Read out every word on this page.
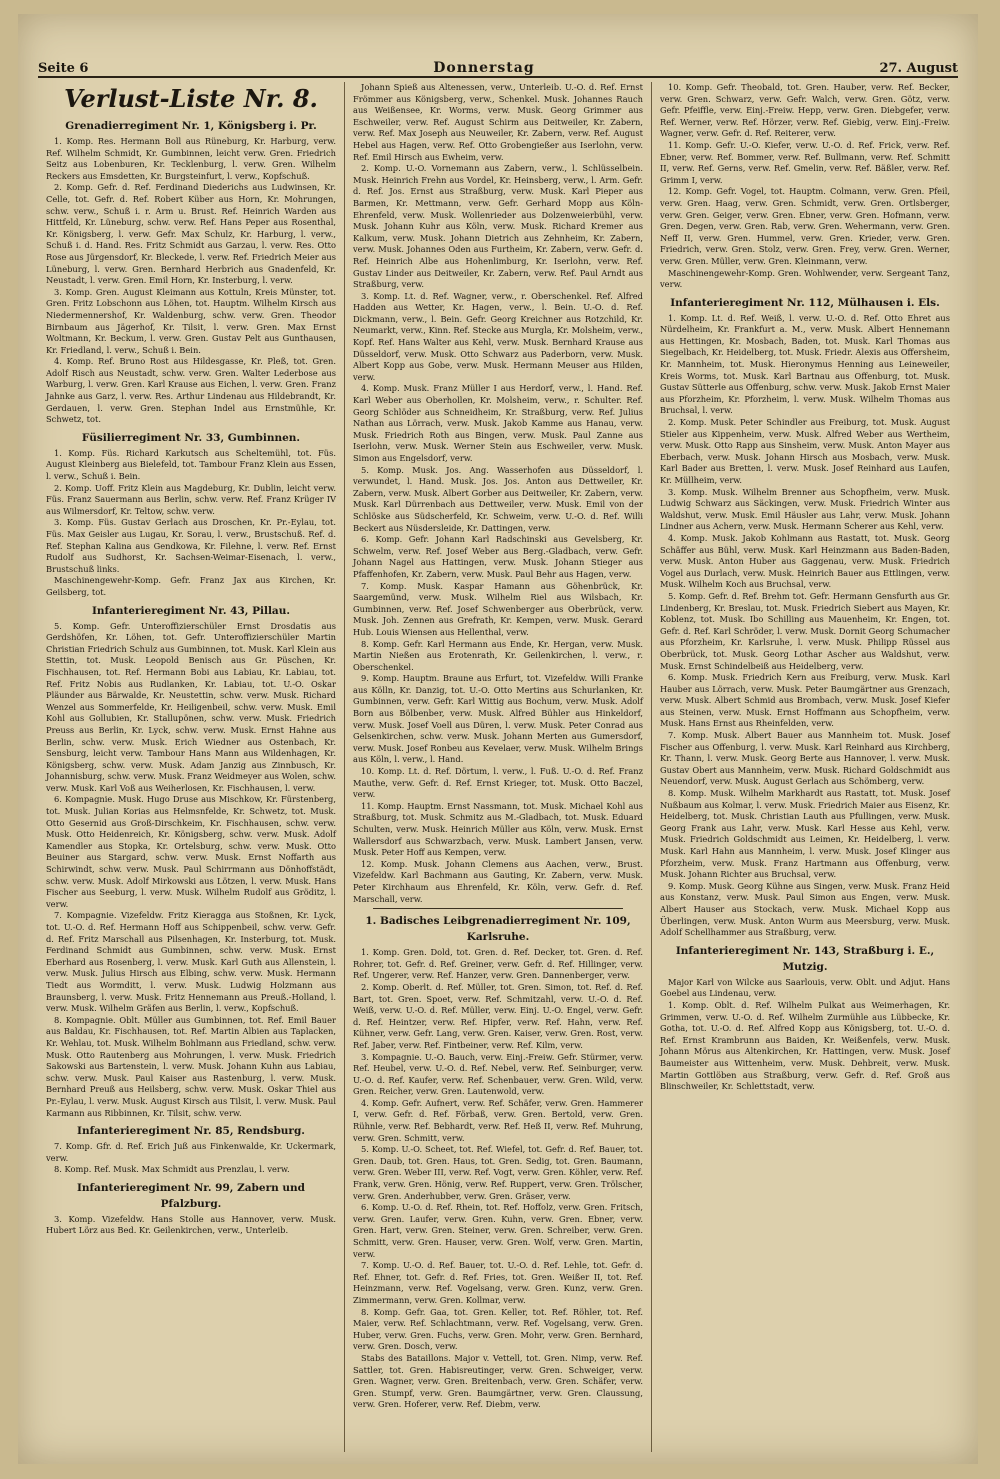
Seite 6	Donnerstag	27. August
Verlust-Liste Nr. 8.
Grenadierregiment Nr. 1, Königsberg i. Pr.

1. Komp. Res. Hermann Boll aus Rüneburg, Kr. Harburg, verw. Ref. Wilhelm Schmidt, Kr. Gumbinnen, leicht verw. Gren. Friedrich Seitz aus Lobenburen, Kr. Tecklenburg, l. verw. Gren. Wilhelm Reckers aus Emsdetten, Kr. Burgsteinfurt, l. verw., Kopfschuß.

2. Komp. Gefr. d. Ref. Ferdinand Diederichs aus Ludwinsen, Kr. Celle, tot. Gefr. d. Ref. Robert Küber aus Horn, Kr. Mohrungen, schw. verw., Schuß i. r. Arm u. Brust. Ref. Heinrich Warden aus Hittfeld, Kr. Lüneburg, schw. verw. Ref. Hans Peper aus Rosenthal, Kr. Königsberg, l. verw. Gefr. Max Schulz, Kr. Harburg, l. verw., Schuß i. d. Hand. Res. Fritz Schmidt aus Garzau, l. verw. Res. Otto Rose aus Jürgensdorf, Kr. Bleckede, l. verw. Ref. Friedrich Meier aus Lüneburg, l. verw. Gren. Bernhard Herbrich aus Gnadenfeld, Kr. Neustadt, l. verw. Gren. Emil Horn, Kr. Insterburg, l. verw.

3. Komp. Gren. August Kleimann aus Kottuln, Kreis Münster, tot. Gren. Fritz Lobschonn aus Löhen, tot. Hauptm. Wilhelm Kirsch aus Niedermennershof, Kr. Waldenburg, schw. verw. Gren. Theodor Birnbaum aus Jägerhof, Kr. Tilsit, l. verw. Gren. Max Ernst Woltmann, Kr. Beckum, l. verw. Gren. Gustav Pelt aus Gunthausen, Kr. Friedland, l. verw., Schuß i. Bein.

4. Komp. Ref. Bruno Rost aus Hildesgasse, Kr. Pleß, tot. Gren. Adolf Risch aus Neustadt, schw. verw. Gren. Walter Lederbose aus Warburg, l. verw. Gren. Karl Krause aus Eichen, l. verw. Gren. Franz Jahnke aus Garz, l. verw. Res. Arthur Lindenau aus Hildebrandt, Kr. Gerdauen, l. verw. Gren. Stephan Indel aus Ernstmühle, Kr. Schwetz, tot.

Füsilierregiment Nr. 33, Gumbinnen.

1. Komp. Füs. Richard Karkutsch aus Scheltemühl, tot. Füs. August Kleinberg aus Bielefeld, tot. Tambour Franz Klein aus Essen, l. verw., Schuß i. Bein.

2. Komp. Uoff. Fritz Klein aus Magdeburg, Kr. Dublin, leicht verw. Füs. Franz Sauermann aus Berlin, schw. verw. Ref. Franz Krüger IV aus Wilmersdorf, Kr. Teltow, schw. verw.

3. Komp. Füs. Gustav Gerlach aus Droschen, Kr. Pr.-Eylau, tot. Füs. Max Geisler aus Lugau, Kr. Sorau, l. verw., Brustschuß. Ref. d. Ref. Stephan Kalina aus Gendkowa, Kr. Filehne, l. verw. Ref. Ernst Rudolf aus Sudhorst, Kr. Sachsen-Weimar-Eisenach, l. verw., Brustschuß links.

Maschinengewehr-Komp. Gefr. Franz Jax aus Kirchen, Kr. Geilsberg, tot.

Infanterieregiment Nr. 43, Pillau.

5. Komp. Gefr. Unteroffizierschüler Ernst Drosdatis aus Gerdshöfen, Kr. Löhen, tot. Gefr. Unteroffizierschüler Martin Christian Friedrich Schulz aus Gumbinnen, tot. Musk. Karl Klein aus Stettin, tot. Musk. Leopold Benisch aus Gr. Püschen, Kr. Fischhausen, tot. Ref. Hermann Bobi aus Labiau, Kr. Labiau, tot. Ref. Fritz Nobis aus Rudlanken, Kr. Labiau, tot. U.-O. Oskar Pläunder aus Bärwalde, Kr. Neustettin, schw. verw. Musk. Richard Wenzel aus Sommerfelde, Kr. Heiligenbeil, schw. verw. Musk. Emil Kohl aus Gollubien, Kr. Stallupönen, schw. verw. Musk. Friedrich Preuss aus Berlin, Kr. Lyck, schw. verw. Musk. Ernst Hahne aus Berlin, schw. verw. Musk. Erich Wiedner aus Ostenbach, Kr. Sensburg, leicht verw. Tambour Hans Mann aus Wildenhagen, Kr. Königsberg, schw. verw. Musk. Adam Janzig aus Zinnbusch, Kr. Johannisburg, schw. verw. Musk. Franz Weidmeyer aus Wolen, schw. verw. Musk. Karl Voß aus Weiherlosen, Kr. Fischhausen, l. verw.

6. Kompagnie. Musk. Hugo Druse aus Mischkow, Kr. Fürstenberg, tot. Musk. Julian Korias aus Helmsnfelde, Kr. Schwetz, tot. Musk. Otto Gesernid aus Groß-Dirschkeim, Kr. Fischhausen, schw. verw. Musk. Otto Heidenreich, Kr. Königsberg, schw. verw. Musk. Adolf Kamendler aus Stopka, Kr. Ortelsburg, schw. verw. Musk. Otto Beuiner aus Stargard, schw. verw. Musk. Ernst Noffarth aus Schirwindt, schw. verw. Musk. Paul Schirrmann aus Dönhoffstädt, schw. verw. Musk. Adolf Mirkowski aus Lötzen, l. verw. Musk. Hans Fischer aus Seeburg, l. verw. Musk. Wilhelm Rudolf aus Gröditz, l. verw.

7. Kompagnie. Vizefeldw. Fritz Kieragga aus Stoßnen, Kr. Lyck, tot. U.-O. d. Ref. Hermann Hoff aus Schippenbeil, schw. verw. Gefr. d. Ref. Fritz Marschall aus Pilsenhagen, Kr. Insterburg, tot. Musk. Ferdinand Schmidt aus Gumbinnen, schw. verw. Musk. Ernst Eberhard aus Rosenberg, l. verw. Musk. Karl Guth aus Allenstein, l. verw. Musk. Julius Hirsch aus Elbing, schw. verw. Musk. Hermann Tiedt aus Wormditt, l. verw. Musk. Ludwig Holzmann aus Braunsberg, l. verw. Musk. Fritz Hennemann aus Preuß.-Holland, l. verw. Musk. Wilhelm Gräfen aus Berlin, l. verw., Kopfschuß.

8. Kompagnie. Oblt. Müller aus Gumbinnen, tot. Ref. Emil Bauer aus Baldau, Kr. Fischhausen, tot. Ref. Martin Albien aus Taplacken, Kr. Wehlau, tot. Musk. Wilhelm Bohlmann aus Friedland, schw. verw. Musk. Otto Rautenberg aus Mohrungen, l. verw. Musk. Friedrich Sakowski aus Bartenstein, l. verw. Musk. Johann Kuhn aus Labiau, schw. verw. Musk. Paul Kaiser aus Rastenburg, l. verw. Musk. Bernhard Preuß aus Heilsberg, schw. verw. Musk. Oskar Thiel aus Pr.-Eylau, l. verw. Musk. August Kirsch aus Tilsit, l. verw. Musk. Paul Karmann aus Ribbinnen, Kr. Tilsit, schw. verw.

Infanterieregiment Nr. 85, Rendsburg.

7. Komp. Gfr. d. Ref. Erich Juß aus Finkenwalde, Kr. Uckermark, verw.

8. Komp. Ref. Musk. Max Schmidt aus Prenzlau, l. verw.

Infanterieregiment Nr. 99, Zabern und Pfalzburg.

3. Komp. Vizefeldw. Hans Stolle aus Hannover, verw. Musk. Hubert Lörz aus Bed. Kr. Geilenkirchen, verw., Unterleib.

Johann Spieß aus Altenessen, verw., Unterleib. U.-O. d. Ref. Ernst Frömmer aus Königsberg, verw., Schenkel. Musk. Johannes Rauch aus Weißensee, Kr. Worms, verw. Musk. Georg Grimmer aus Eschweiler, verw. Ref. August Schirm aus Deitweiler, Kr. Zabern, verw. Ref. Max Joseph aus Neuweiler, Kr. Zabern, verw. Ref. August Hebel aus Hagen, verw. Ref. Otto Grobengießer aus Iserlohn, verw. Ref. Emil Hirsch aus Ewheim, verw.

2. Komp. U.-O. Vornemann aus Zabern, verw., l. Schlüsselbein. Musk. Heinrich Frehn aus Vordel, Kr. Heinsberg, verw., l. Arm. Gefr. d. Ref. Jos. Ernst aus Straßburg, verw. Musk. Karl Pieper aus Barmen, Kr. Mettmann, verw. Gefr. Gerhard Mopp aus Köln-Ehrenfeld, verw. Musk. Wollenrieder aus Dolzenweierbühl, verw. Musk. Johann Kuhr aus Köln, verw. Musk. Richard Kremer aus Kalkum, verw. Musk. Johann Dietrich aus Zehnheim, Kr. Zabern, verw. Musk. Johannes Oden aus Furtheim, Kr. Zabern, verw. Gefr. d. Ref. Heinrich Albe aus Hohenlimburg, Kr. Iserlohn, verw. Ref. Gustav Linder aus Deitweiler, Kr. Zabern, verw. Ref. Paul Arndt aus Straßburg, verw.

3. Komp. Lt. d. Ref. Wagner, verw., r. Oberschenkel. Ref. Alfred Hadden aus Wetter, Kr. Hagen, verw., l. Bein. U.-O. d. Ref. Dickmann, verw., l. Bein. Gefr. Georg Kreichner aus Rotzchild, Kr. Neumarkt, verw., Kinn. Ref. Stecke aus Murgla, Kr. Molsheim, verw., Kopf. Ref. Hans Walter aus Kehl, verw. Musk. Bernhard Krause aus Düsseldorf, verw. Musk. Otto Schwarz aus Paderborn, verw. Musk. Albert Kopp aus Gobe, verw. Musk. Hermann Meuser aus Hilden, verw.

4. Komp. Musk. Franz Müller I aus Herdorf, verw., l. Hand. Ref. Karl Weber aus Oberhollen, Kr. Molsheim, verw., r. Schulter. Ref. Georg Schlöder aus Schneidheim, Kr. Straßburg, verw. Ref. Julius Nathan aus Lörrach, verw. Musk. Jakob Kamme aus Hanau, verw. Musk. Friedrich Roth aus Bingen, verw. Musk. Paul Zanne aus Iserlohn, verw. Musk. Werner Stein aus Eschweiler, verw. Musk. Simon aus Engelsdorf, verw.

5. Komp. Musk. Jos. Ang. Wasserhofen aus Düsseldorf, l. verwundet, l. Hand. Musk. Jos. Jos. Anton aus Dettweiler, Kr. Zabern, verw. Musk. Albert Gorber aus Deitweiler, Kr. Zabern, verw. Musk. Karl Dürrenbach aus Dettweiler, verw. Musk. Emil von der Schlöske aus Südscherfeld, Kr. Schweim, verw. U.-O. d. Ref. Willi Beckert aus Nüsdersleide, Kr. Dattingen, verw.

6. Komp. Gefr. Johann Karl Radschinski aus Gevelsberg, Kr. Schwelm, verw. Ref. Josef Weber aus Berg.-Gladbach, verw. Gefr. Johann Nagel aus Hattingen, verw. Musk. Johann Stieger aus Pfaffenhofen, Kr. Zabern, verw. Musk. Paul Behr aus Hagen, verw.

7. Komp. Musk. Kaspar Hamann aus Göhenbrück, Kr. Saargemünd, verw. Musk. Wilhelm Riel aus Wilsbach, Kr. Gumbinnen, verw. Ref. Josef Schwenberger aus Oberbrück, verw. Musk. Joh. Zennen aus Grefrath, Kr. Kempen, verw. Musk. Gerard Hub. Louis Wiensen aus Hellenthal, verw.

8. Komp. Gefr. Karl Hermann aus Ende, Kr. Hergan, verw. Musk. Martin Nießen aus Erotenrath, Kr. Geilenkirchen, l. verw., r. Oberschenkel.

9. Komp. Hauptm. Braune aus Erfurt, tot. Vizefeldw. Willi Franke aus Kölln, Kr. Danzig, tot. U.-O. Otto Mertins aus Schurlanken, Kr. Gumbinnen, verw. Gefr. Karl Wittig aus Bochum, verw. Musk. Adolf Born aus Bölbenber, verw. Musk. Alfred Bühler aus Hinkeldorf, verw. Musk. Josef Voell aus Düren, l. verw. Musk. Peter Conrad aus Gelsenkirchen, schw. verw. Musk. Johann Merten aus Gumersdorf, verw. Musk. Josef Ronbeu aus Kevelaer, verw. Musk. Wilhelm Brings aus Köln, l. verw., l. Hand.

10. Komp. Lt. d. Ref. Dörtum, l. verw., l. Fuß. U.-O. d. Ref. Franz Mauthe, verw. Gefr. d. Ref. Ernst Krieger, tot. Musk. Otto Baczel, verw.

11. Komp. Hauptm. Ernst Nassmann, tot. Musk. Michael Kohl aus Straßburg, tot. Musk. Schmitz aus M.-Gladbach, tot. Musk. Eduard Schulten, verw. Musk. Heinrich Müller aus Köln, verw. Musk. Ernst Wallersdorf aus Schwarzbach, verw. Musk. Lambert Jansen, verw. Musk. Peter Hoff aus Kempen, verw.

12. Komp. Musk. Johann Clemens aus Aachen, verw., Brust. Vizefeldw. Karl Bachmann aus Gauting, Kr. Zabern, verw. Musk. Peter Kirchhaum aus Ehrenfeld, Kr. Köln, verw. Gefr. d. Ref. Marschall, verw.

1. Badisches Leibgrenadierregiment Nr. 109, Karlsruhe.

1. Komp. Gren. Dold, tot. Gren. d. Ref. Decker, tot. Gren. d. Ref. Rohrer, tot. Gefr. d. Ref. Greiner, verw. Gefr. d. Ref. Hillinger, verw. Ref. Ungerer, verw. Ref. Hanzer, verw. Gren. Dannenberger, verw.

2. Komp. Oberlt. d. Ref. Müller, tot. Gren. Simon, tot. Ref. d. Ref. Bart, tot. Gren. Spoet, verw. Ref. Schmitzahl, verw. U.-O. d. Ref. Weiß, verw. U.-O. d. Ref. Müller, verw. Einj. U.-O. Engel, verw. Gefr. d. Ref. Heintzer, verw. Ref. Hipfer, verw. Ref. Hahn, verw. Ref. Kühner, verw. Gefr. Lang, verw. Gren. Kaiser, verw. Gren. Rost, verw. Ref. Jaber, verw. Ref. Fintbeiner, verw. Ref. Kilm, verw.

3. Kompagnie. U.-O. Bauch, verw. Einj.-Freiw. Gefr. Stürmer, verw. Ref. Heubel, verw. U.-O. d. Ref. Nebel, verw. Ref. Seinburger, verw. U.-O. d. Ref. Kaufer, verw. Ref. Schenbauer, verw. Gren. Wild, verw. Gren. Reicher, verw. Gren. Lautenwold, verw.

4. Komp. Gefr. Aufnert, verw. Ref. Schäfer, verw. Gren. Hammerer I, verw. Gefr. d. Ref. Förbaß, verw. Gren. Bertold, verw. Gren. Rühnle, verw. Ref. Bebhardt, verw. Ref. Heß II, verw. Ref. Muhrung, verw. Gren. Schmitt, verw.

5. Komp. U.-O. Scheet, tot. Ref. Wiefel, tot. Gefr. d. Ref. Bauer, tot. Gren. Daub, tot. Gren. Haus, tot. Gren. Sedig, tot. Gren. Baumann, verw. Gren. Weber III, verw. Ref. Vogt, verw. Gren. Köhler, verw. Ref. Frank, verw. Gren. Hönig, verw. Ref. Ruppert, verw. Gren. Trölscher, verw. Gren. Anderhubber, verw. Gren. Gräser, verw.

6. Komp. U.-O. d. Ref. Rhein, tot. Ref. Hoffolz, verw. Gren. Fritsch, verw. Gren. Laufer, verw. Gren. Kuhn, verw. Gren. Ebner, verw. Gren. Hart, verw. Gren. Steiner, verw. Gren. Schreiber, verw. Gren. Schmitt, verw. Gren. Hauser, verw. Gren. Wolf, verw. Gren. Martin, verw.

7. Komp. U.-O. d. Ref. Bauer, tot. U.-O. d. Ref. Lehle, tot. Gefr. d. Ref. Ehner, tot. Gefr. d. Ref. Fries, tot. Gren. Weißer II, tot. Ref. Heinzmann, verw. Ref. Vogelsang, verw. Gren. Kunz, verw. Gren. Zimmermann, verw. Gren. Kollmar, verw.

8. Komp. Gefr. Gaa, tot. Gren. Keller, tot. Ref. Röhler, tot. Ref. Maier, verw. Ref. Schlachtmann, verw. Ref. Vogelsang, verw. Gren. Huber, verw. Gren. Fuchs, verw. Gren. Mohr, verw. Gren. Bernhard, verw. Gren. Dosch, verw.

Stabs des Bataillons. Major v. Vettell, tot. Gren. Nimp, verw. Ref. Sattler, tot. Gren. Habisreutinger, verw. Gren. Schweiger, verw. Gren. Wagner, verw. Gren. Breitenbach, verw. Gren. Schäfer, verw. Gren. Stumpf, verw. Gren. Baumgärtner, verw. Gren. Claussung, verw. Gren. Hoferer, verw. Ref. Diebm, verw.

10. Komp. Gefr. Theobald, tot. Gren. Hauber, verw. Ref. Becker, verw. Gren. Schwarz, verw. Gefr. Walch, verw. Gren. Götz, verw. Gefr. Pfeiffle, verw. Einj.-Freiw. Hepp, verw. Gren. Diebgefer, verw. Ref. Werner, verw. Ref. Hörzer, verw. Ref. Giebig, verw. Einj.-Freiw. Wagner, verw. Gefr. d. Ref. Reiterer, verw.

11. Komp. Gefr. U.-O. Kiefer, verw. U.-O. d. Ref. Frick, verw. Ref. Ebner, verw. Ref. Bommer, verw. Ref. Bullmann, verw. Ref. Schmitt II, verw. Ref. Gerns, verw. Ref. Gmelin, verw. Ref. Bäßler, verw. Ref. Grimm I, verw.

12. Komp. Gefr. Vogel, tot. Hauptm. Colmann, verw. Gren. Pfeil, verw. Gren. Haag, verw. Gren. Schmidt, verw. Gren. Ortlsberger, verw. Gren. Geiger, verw. Gren. Ebner, verw. Gren. Hofmann, verw. Gren. Degen, verw. Gren. Rab, verw. Gren. Wehermann, verw. Gren. Neff II, verw. Gren. Hummel, verw. Gren. Krieder, verw. Gren. Friedrich, verw. Gren. Stolz, verw. Gren. Frey, verw. Gren. Werner, verw. Gren. Müller, verw. Gren. Kleinmann, verw.

Maschinengewehr-Komp. Gren. Wohlwender, verw. Sergeant Tanz, verw.

Infanterieregiment Nr. 112, Mülhausen i. Els.

1. Komp. Lt. d. Ref. Weiß, l. verw. U.-O. d. Ref. Otto Ehret aus Nürdelheim, Kr. Frankfurt a. M., verw. Musk. Albert Hennemann aus Hettingen, Kr. Mosbach, Baden, tot. Musk. Karl Thomas aus Siegelbach, Kr. Heidelberg, tot. Musk. Friedr. Alexis aus Offersheim, Kr. Mannheim, tot. Musk. Hieronymus Henning aus Leineweiler, Kreis Worms, tot. Musk. Karl Bartnau aus Offenburg, tot. Musk. Gustav Sütterle aus Offenburg, schw. verw. Musk. Jakob Ernst Maier aus Pforzheim, Kr. Pforzheim, l. verw. Musk. Wilhelm Thomas aus Bruchsal, l. verw.

2. Komp. Musk. Peter Schindler aus Freiburg, tot. Musk. August Stieler aus Kippenheim, verw. Musk. Alfred Weber aus Wertheim, verw. Musk. Otto Rapp aus Sinsheim, verw. Musk. Anton Mayer aus Eberbach, verw. Musk. Johann Hirsch aus Mosbach, verw. Musk. Karl Bader aus Bretten, l. verw. Musk. Josef Reinhard aus Laufen, Kr. Müllheim, verw.

3. Komp. Musk. Wilhelm Brenner aus Schopfheim, verw. Musk. Ludwig Schwarz aus Säckingen, verw. Musk. Friedrich Winter aus Waldshut, verw. Musk. Emil Häusler aus Lahr, verw. Musk. Johann Lindner aus Achern, verw. Musk. Hermann Scherer aus Kehl, verw.

4. Komp. Musk. Jakob Kohlmann aus Rastatt, tot. Musk. Georg Schäffer aus Bühl, verw. Musk. Karl Heinzmann aus Baden-Baden, verw. Musk. Anton Huber aus Gaggenau, verw. Musk. Friedrich Vogel aus Durlach, verw. Musk. Heinrich Bauer aus Ettlingen, verw. Musk. Wilhelm Koch aus Bruchsal, verw.

5. Komp. Gefr. d. Ref. Brehm tot. Gefr. Hermann Gensfurth aus Gr. Lindenberg, Kr. Breslau, tot. Musk. Friedrich Siebert aus Mayen, Kr. Koblenz, tot. Musk. Ibo Schilling aus Mauenheim, Kr. Engen, tot. Gefr. d. Ref. Karl Schröder, l. verw. Musk. Dornit Georg Schumacher aus Pforzheim, Kr. Karlsruhe, l. verw. Musk. Philipp Rüssel aus Oberbrück, tot. Musk. Georg Lothar Ascher aus Waldshut, verw. Musk. Ernst Schindelbeiß aus Heidelberg, verw.

6. Komp. Musk. Friedrich Kern aus Freiburg, verw. Musk. Karl Hauber aus Lörrach, verw. Musk. Peter Baumgärtner aus Grenzach, verw. Musk. Albert Schmid aus Brombach, verw. Musk. Josef Kiefer aus Steinen, verw. Musk. Ernst Hoffmann aus Schopfheim, verw. Musk. Hans Ernst aus Rheinfelden, verw.

7. Komp. Musk. Albert Bauer aus Mannheim tot. Musk. Josef Fischer aus Offenburg, l. verw. Musk. Karl Reinhard aus Kirchberg, Kr. Thann, l. verw. Musk. Georg Berte aus Hannover, l. verw. Musk. Gustav Obert aus Mannheim, verw. Musk. Richard Goldschmidt aus Neuendorf, verw. Musk. August Gerlach aus Schömberg, verw.

8. Komp. Musk. Wilhelm Markhardt aus Rastatt, tot. Musk. Josef Nußbaum aus Kolmar, l. verw. Musk. Friedrich Maier aus Eisenz, Kr. Heidelberg, tot. Musk. Christian Lauth aus Pfullingen, verw. Musk. Georg Frank aus Lahr, verw. Musk. Karl Hesse aus Kehl, verw. Musk. Friedrich Goldschmidt aus Leimen, Kr. Heidelberg, l. verw. Musk. Karl Hahn aus Mannheim, l. verw. Musk. Josef Klinger aus Pforzheim, verw. Musk. Franz Hartmann aus Offenburg, verw. Musk. Johann Richter aus Bruchsal, verw.

9. Komp. Musk. Georg Kühne aus Singen, verw. Musk. Franz Heid aus Konstanz, verw. Musk. Paul Simon aus Engen, verw. Musk. Albert Hauser aus Stockach, verw. Musk. Michael Kopp aus Überlingen, verw. Musk. Anton Wurm aus Meersburg, verw. Musk. Adolf Schellhammer aus Straßburg, verw.

Infanterieregiment Nr. 143, Straßburg i. E., Mutzig.

Major Karl von Wilcke aus Saarlouis, verw. Oblt. und Adjut. Hans Goebel aus Lindenau, verw.

1. Komp. Oblt. d. Ref. Wilhelm Pulkat aus Weimerhagen, Kr. Grimmen, verw. U.-O. d. Ref. Wilhelm Zurmühle aus Lübbecke, Kr. Gotha, tot. U.-O. d. Ref. Alfred Kopp aus Königsberg, tot. U.-O. d. Ref. Ernst Krambrunn aus Baiden, Kr. Weißenfels, verw. Musk. Johann Mörus aus Altenkirchen, Kr. Hattingen, verw. Musk. Josef Baumeister aus Wittenheim, verw. Musk. Dehbreit, verw. Musk. Martin Gottlöben aus Straßburg, verw. Gefr. d. Ref. Groß aus Blinschweiler, Kr. Schlettstadt, verw.
